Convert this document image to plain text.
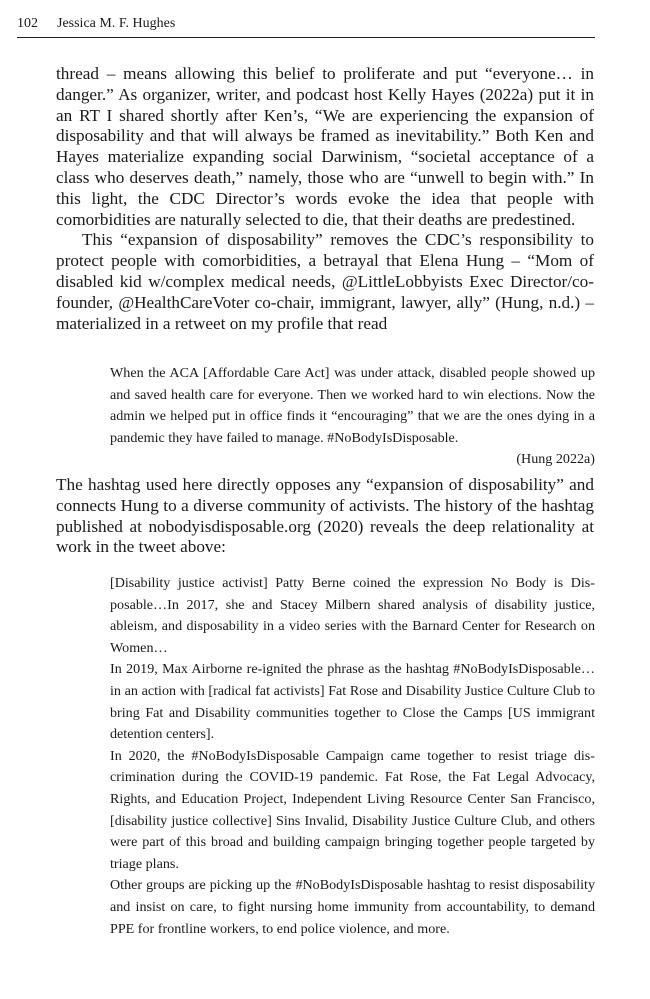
102 Jessica M. F. Hughes

thread – means allowing this belief to proliferate and put “everyone… in danger.” As organizer, writer, and podcast host Kelly Hayes (2022a) put it in an RT I shared shortly after Ken’s, “We are experiencing the expansion of disposability and that will always be framed as inevitability.” Both Ken and Hayes materialize expanding social Darwinism, “societal acceptance of a class who deserves death,” namely, those who are “unwell to begin with.” In this light, the CDC Director’s words evoke the idea that people with comorbidities are naturally selected to die, that their deaths are predestined.

This “expansion of disposability” removes the CDC’s responsibility to protect people with comorbidities, a betrayal that Elena Hung – “Mom of disabled kid w/complex medical needs, @LittleLobbyists Exec Director/co-founder, @HealthCareVoter co-chair, immigrant, lawyer, ally” (Hung, n.d.) – materialized in a retweet on my profile that read

When the ACA [Affordable Care Act] was under attack, disabled people showed up and saved health care for everyone. Then we worked hard to win elections. Now the admin we helped put in office finds it “encouraging” that we are the ones dying in a pandemic they have failed to manage. #NoBodyIsDisposable.

(Hung 2022a)

The hashtag used here directly opposes any “expansion of disposability” and connects Hung to a diverse community of activists. The history of the hashtag published at nobodyisdisposable.org (2020) reveals the deep relationality at work in the tweet above:

[Disability justice activist] Patty Berne coined the expression No Body is Disposable…In 2017, she and Stacey Milbern shared analysis of disability justice, ableism, and disposability in a video series with the Barnard Center for Research on Women…

In 2019, Max Airborne re-ignited the phrase as the hashtag #NoBodyIsDisposable…in an action with [radical fat activists] Fat Rose and Disability Justice Culture Club to bring Fat and Disability communities together to Close the Camps [US immigrant detention centers].

In 2020, the #NoBodyIsDisposable Campaign came together to resist triage discrimination during the COVID-19 pandemic. Fat Rose, the Fat Legal Advocacy, Rights, and Education Project, Independent Living Resource Center San Francisco, [disability justice collective] Sins Invalid, Disability Justice Culture Club, and others were part of this broad and building campaign bringing together people targeted by triage plans.

Other groups are picking up the #NoBodyIsDisposable hashtag to resist disposability and insist on care, to fight nursing home immunity from accountability, to demand PPE for frontline workers, to end police violence, and more.
